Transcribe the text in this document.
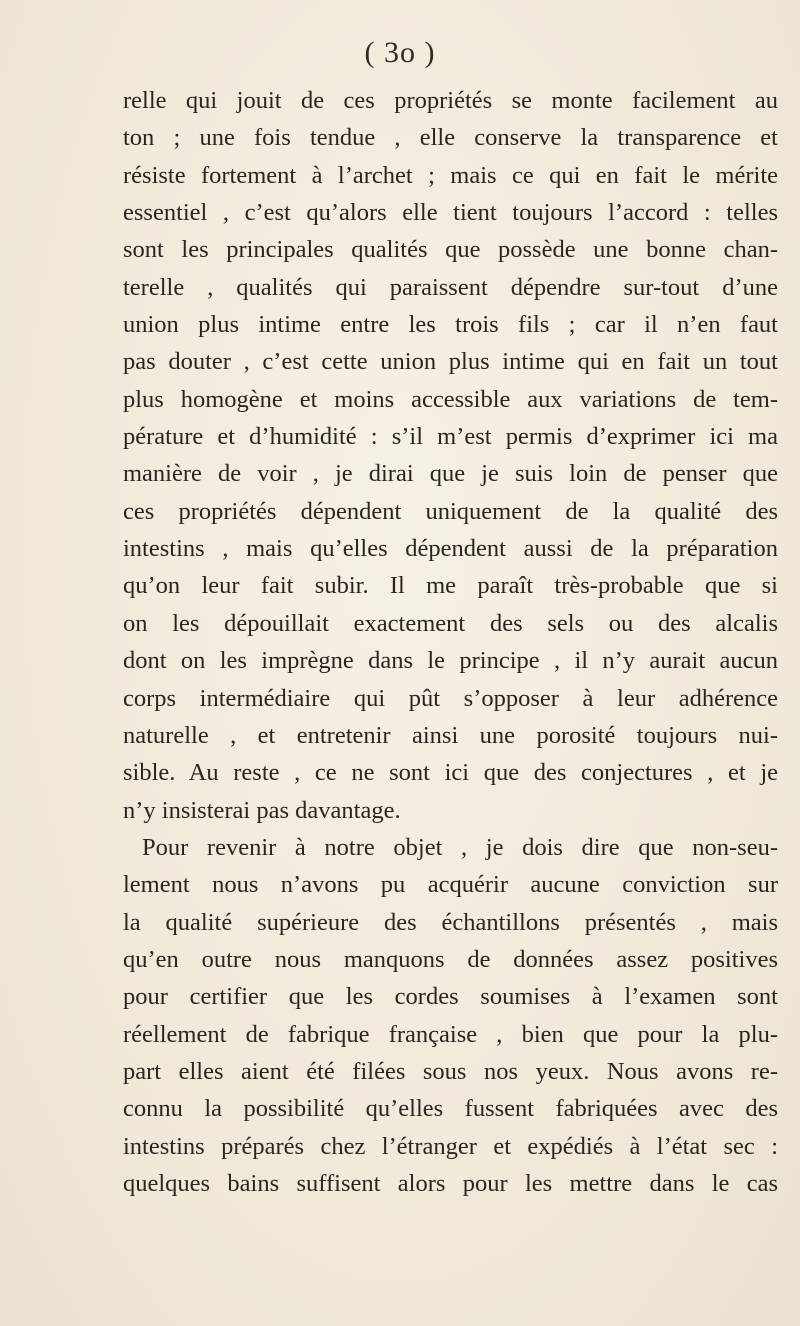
( 3o )
relle qui jouit de ces propriétés se monte facilement au
ton ; une fois tendue , elle conserve la transparence et
résiste fortement à l’archet ; mais ce qui en fait le mérite
essentiel , c’est qu’alors elle tient toujours l’accord : telles
sont les principales qualités que possède une bonne chan-
terelle , qualités qui paraissent dépendre sur-tout d’une
union plus intime entre les trois fils ; car il n’en faut
pas douter , c’est cette union plus intime qui en fait un tout
plus homogène et moins accessible aux variations de tem-
pérature et d’humidité : s’il m’est permis d’exprimer ici ma
manière de voir , je dirai que je suis loin de penser que
ces propriétés dépendent uniquement de la qualité des
intestins , mais qu’elles dépendent aussi de la préparation
qu’on leur fait subir. Il me paraît très-probable que si
on les dépouillait exactement des sels ou des alcalis
dont on les imprègne dans le principe , il n’y aurait aucun
corps intermédiaire qui pût s’opposer à leur adhérence
naturelle , et entretenir ainsi une porosité toujours nui-
sible. Au reste , ce ne sont ici que des conjectures , et je
n’y insisterai pas davantage.
Pour revenir à notre objet , je dois dire que non-seu-
lement nous n’avons pu acquérir aucune conviction sur
la qualité supérieure des échantillons présentés , mais
qu’en outre nous manquons de données assez positives
pour certifier que les cordes soumises à l’examen sont
réellement de fabrique française , bien que pour la plu-
part elles aient été filées sous nos yeux. Nous avons re-
connu la possibilité qu’elles fussent fabriquées avec des
intestins préparés chez l’étranger et expédiés à l’état sec :
quelques bains suffisent alors pour les mettre dans le cas
